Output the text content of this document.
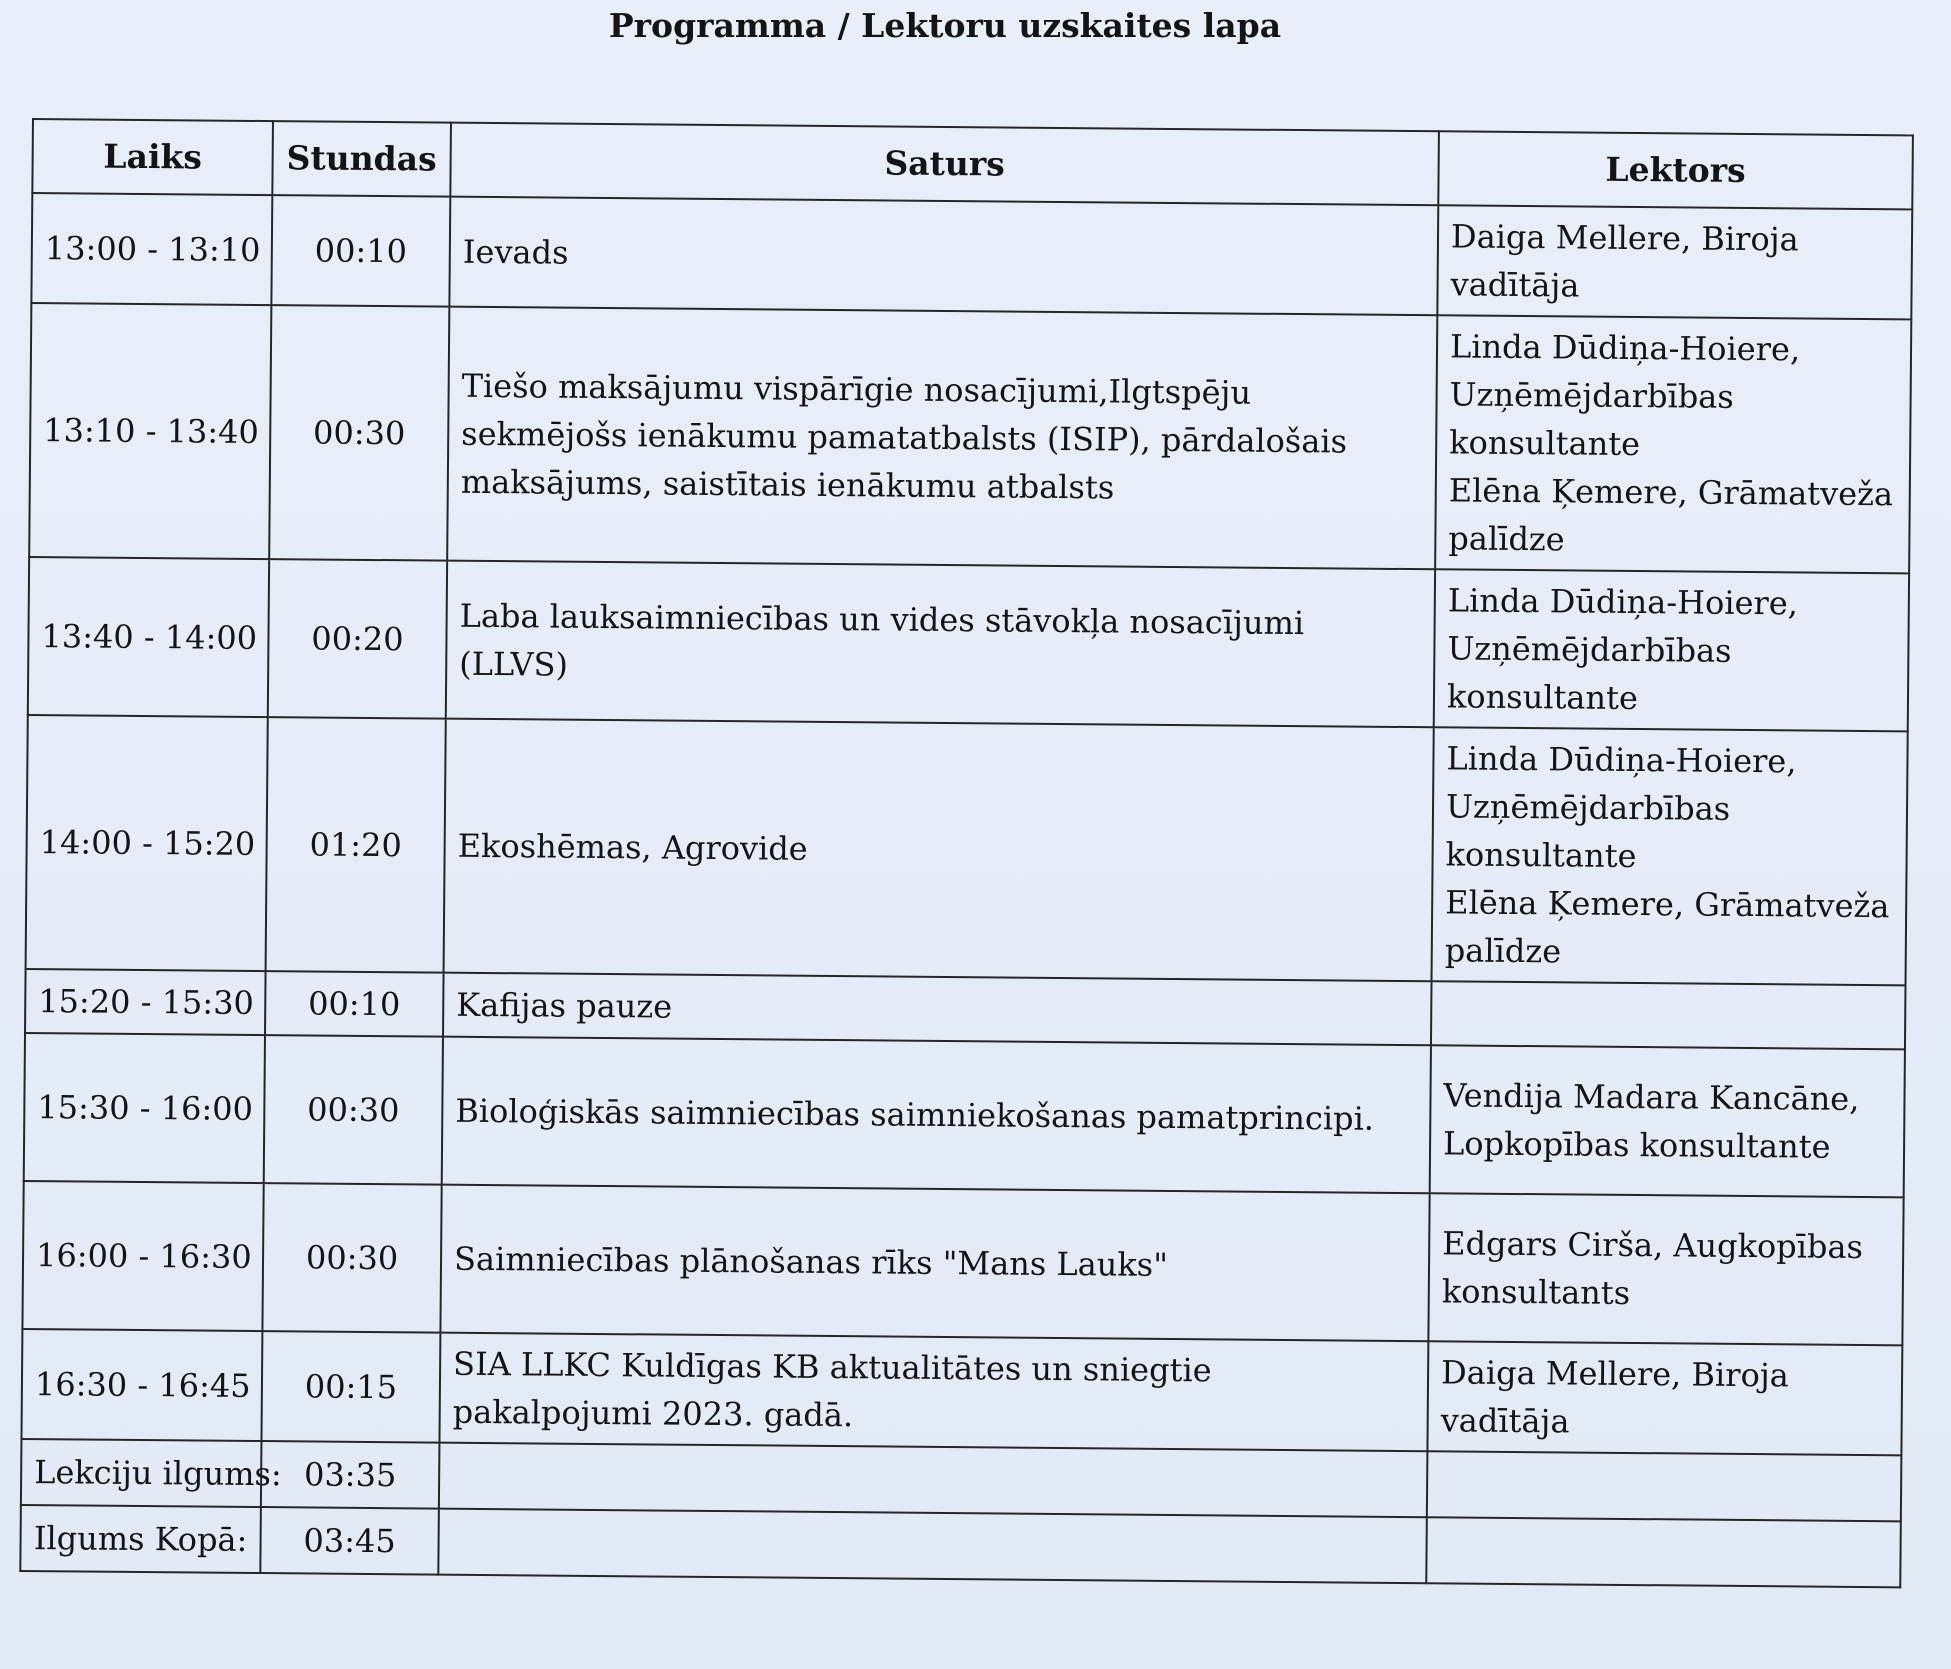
Programma / Lektoru uzskaites lapa
Laiks	Stundas	Saturs	Lektors
13:00 - 13:10	00:10	Ievads	Daiga Mellere, Biroja vadītāja

13:10 - 13:40	00:30	Tiešo maksājumu vispārīgie nosacījumi,Ilgtspēju sekmējošs ienākumu pamatatbalsts (ISIP), pārdalošais maksājums, saistītais ienākumu atbalsts	Linda Dūdiņa-Hoiere, Uzņēmējdarbības konsultante
Elēna Ķemere, Grāmatveža palīdze

13:40 - 14:00	00:20	Laba lauksaimniecības un vides stāvokļa nosacījumi (LLVS)	Linda Dūdiņa-Hoiere, Uzņēmējdarbības konsultante

14:00 - 15:20	01:20	Ekoshēmas, Agrovide	Linda Dūdiņa-Hoiere, Uzņēmējdarbības konsultante
Elēna Ķemere, Grāmatveža palīdze

15:20 - 15:30	00:10	Kafijas pauze	
15:30 - 16:00	00:30	Bioloģiskās saimniecības saimniekošanas pamatprincipi.	Vendija Madara Kancāne, Lopkopības konsultante

16:00 - 16:30	00:30	Saimniecības plānošanas rīks "Mans Lauks"	Edgars Cirša, Augkopības konsultants

16:30 - 16:45	00:15	SIA LLKC Kuldīgas KB aktualitātes un sniegtie pakalpojumi 2023. gadā.	Daiga Mellere, Biroja vadītāja

Lekciju ilgums:	03:35		
Ilgums Kopā:	03:45		
